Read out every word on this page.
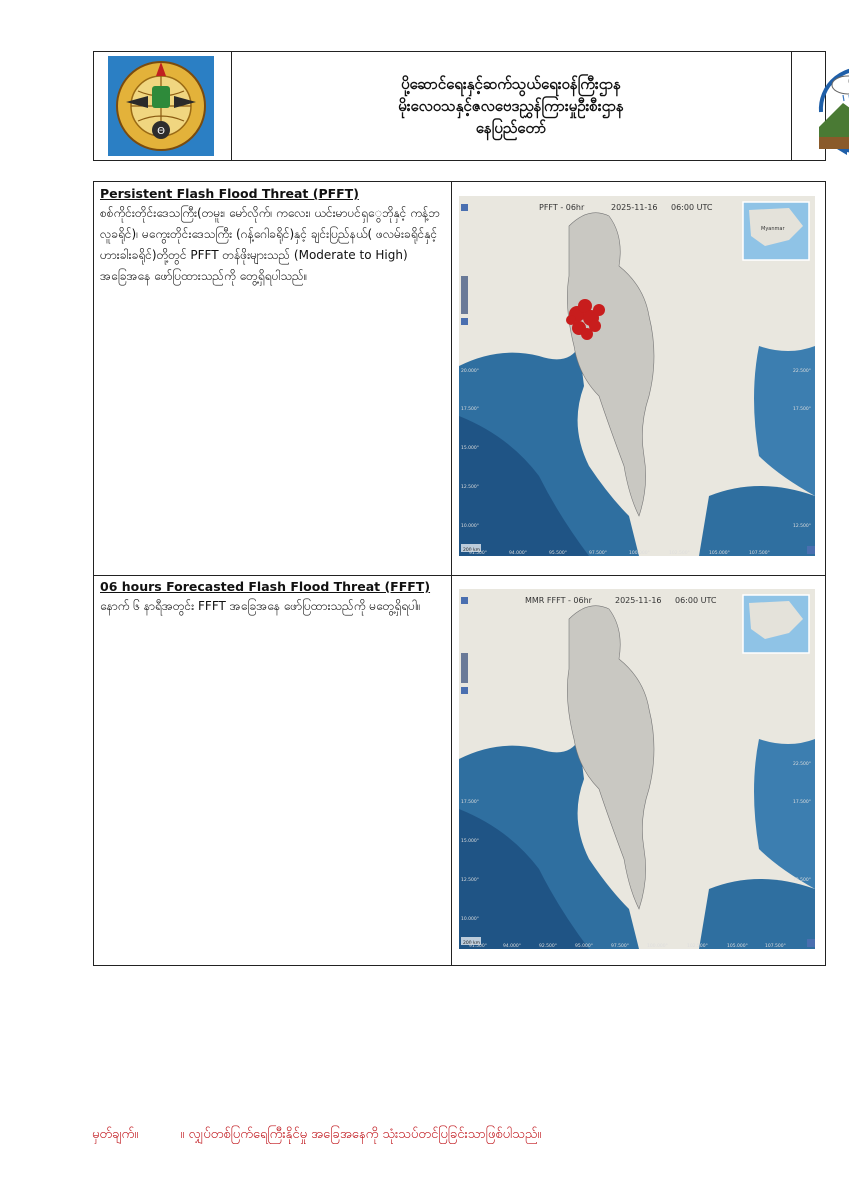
Θ
ပို့ဆောင်ရေးနှင့်ဆက်သွယ်ရေးဝန်ကြီးဌာန
မိုးလေဝသနှင့်ဇလဗေဒညွှန်ကြားမှုဦးစီးဌာန
နေပြည်တော်
Persistent Flash Flood Threat (PFFT)

စစ်ကိုင်းတိုင်းဒေသကြီး(တမူး၊ မော်လိုက်၊ ကလေး၊ ယင်းမာပင်ရှွေဘိုနှင့် ကန့်ဘလူခရိုင်)၊ မကွေးတိုင်းဒေသကြီး (ဂန့်ဂေါခရိုင်)နှင့် ချင်းပြည်နယ်( ဖလမ်းခရိုင်နှင့် ဟားခါးခရိုင်)တို့တွင် PFFT တန်ဖိုးများသည် (Moderate to High) အခြေအနေ ဖော်ပြထားသည်ကို တွေ့ရှိရပါသည်။

PFFT - 06hr	2025-11-16 06:00 UTC
Myanmar
200 km
20.000°
17.500°
15.000°
12.500°
10.000°
22.500°
17.500°
12.500°
91.500°	94.000°	95.500°	97.500°	100.000°	102.500°	105.000°	107.500°
06 hours Forecasted Flash Flood Threat (FFFT)

နောက် ၆ နာရီအတွင်း FFFT အခြေအနေ ဖော်ပြထားသည်ကို မတွေ့ရှိရပါ။	MMR FFFT - 06hr	2025-11-16 06:00 UTC
200 km
17.500°
15.000°
12.500°
10.000°
22.500°
17.500°
12.500°
91.500°	94.000°	92.500°	95.000°	97.500°	100.000°	102.500°	105.000°	107.500°
မှတ်ချက်။	။ လျှပ်တစ်ပြက်ရေကြီးနိုင်မှု အခြေအနေကို သုံးသပ်တင်ပြခြင်းသာဖြစ်ပါသည်။
